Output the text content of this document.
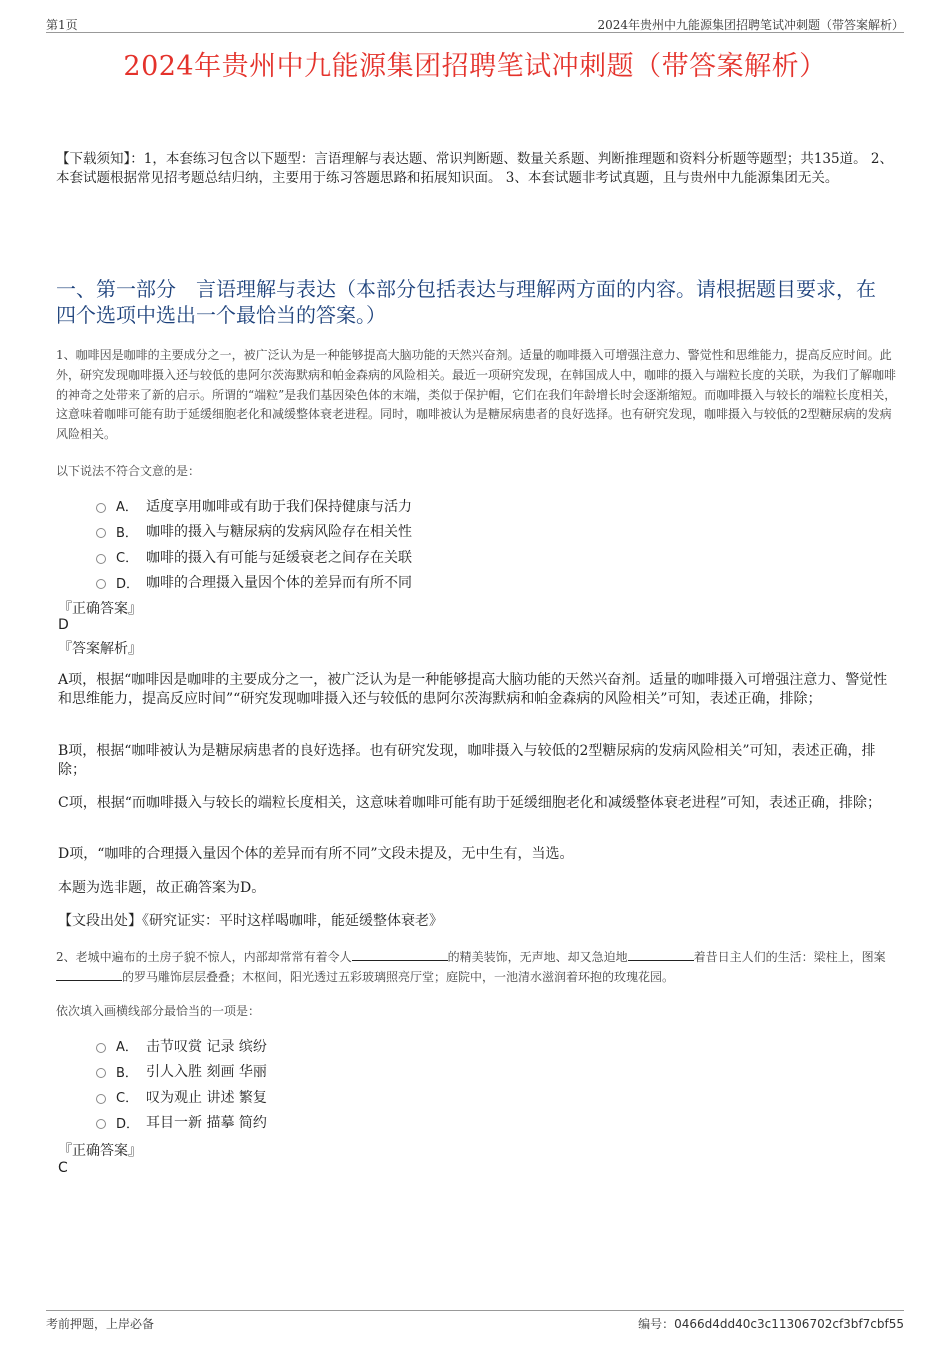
第1页	2024年贵州中九能源集团招聘笔试冲刺题（带答案解析）
2024年贵州中九能源集团招聘笔试冲刺题（带答案解析）
【下载须知】：1，本套练习包含以下题型：言语理解与表达题、常识判断题、数量关系题、判断推理题和资料分析题等题型；共135道。 2、本套试题根据常见招考题总结归纳，主要用于练习答题思路和拓展知识面。 3、本套试题非考试真题，且与贵州中九能源集团无关。
一、第一部分　言语理解与表达（本部分包括表达与理解两方面的内容。请根据题目要求，在四个选项中选出一个最恰当的答案。）
1、咖啡因是咖啡的主要成分之一，被广泛认为是一种能够提高大脑功能的天然兴奋剂。适量的咖啡摄入可增强注意力、警觉性和思维能力，提高反应时间。此外，研究发现咖啡摄入还与较低的患阿尔茨海默病和帕金森病的风险相关。最近一项研究发现，在韩国成人中，咖啡的摄入与端粒长度的关联，为我们了解咖啡的神奇之处带来了新的启示。所谓的“端粒”是我们基因染色体的末端，类似于保护帽，它们在我们年龄增长时会逐渐缩短。而咖啡摄入与较长的端粒长度相关，这意味着咖啡可能有助于延缓细胞老化和减缓整体衰老进程。同时，咖啡被认为是糖尿病患者的良好选择。也有研究发现，咖啡摄入与较低的2型糖尿病的发病风险相关。
以下说法不符合文意的是：
A． 适度享用咖啡或有助于我们保持健康与活力
B． 咖啡的摄入与糖尿病的发病风险存在相关性
C． 咖啡的摄入有可能与延缓衰老之间存在关联
D． 咖啡的合理摄入量因个体的差异而有所不同
『正确答案』
D
『答案解析』
A项，根据“咖啡因是咖啡的主要成分之一，被广泛认为是一种能够提高大脑功能的天然兴奋剂。适量的咖啡摄入可增强注意力、警觉性和思维能力，提高反应时间”“研究发现咖啡摄入还与较低的患阿尔茨海默病和帕金森病的风险相关”可知，表述正确，排除；
B项，根据“咖啡被认为是糖尿病患者的良好选择。也有研究发现，咖啡摄入与较低的2型糖尿病的发病风险相关”可知，表述正确，排除；
C项，根据“而咖啡摄入与较长的端粒长度相关，这意味着咖啡可能有助于延缓细胞老化和减缓整体衰老进程”可知，表述正确，排除；
D项，“咖啡的合理摄入量因个体的差异而有所不同”文段未提及，无中生有，当选。
本题为选非题，故正确答案为D。
【文段出处】《研究证实：平时这样喝咖啡，能延缓整体衰老》
2、老城中遍布的土房子貌不惊人，内部却常常有着令人	的精美装饰，无声地、却又急迫地	着昔日主人们的生活：梁柱上，图案的罗马雕饰层层叠叠；木枢间，阳光透过五彩玻璃照亮厅堂；庭院中，一池清水滋润着环抱的玫瑰花园。
依次填入画横线部分最恰当的一项是：
A． 击节叹赏 记录 缤纷
B． 引人入胜 刻画 华丽
C． 叹为观止 讲述 繁复
D． 耳目一新 描摹 简约
『正确答案』
C
考前押题，上岸必备	编号：0466d4dd40c3c11306702cf3bf7cbf55
